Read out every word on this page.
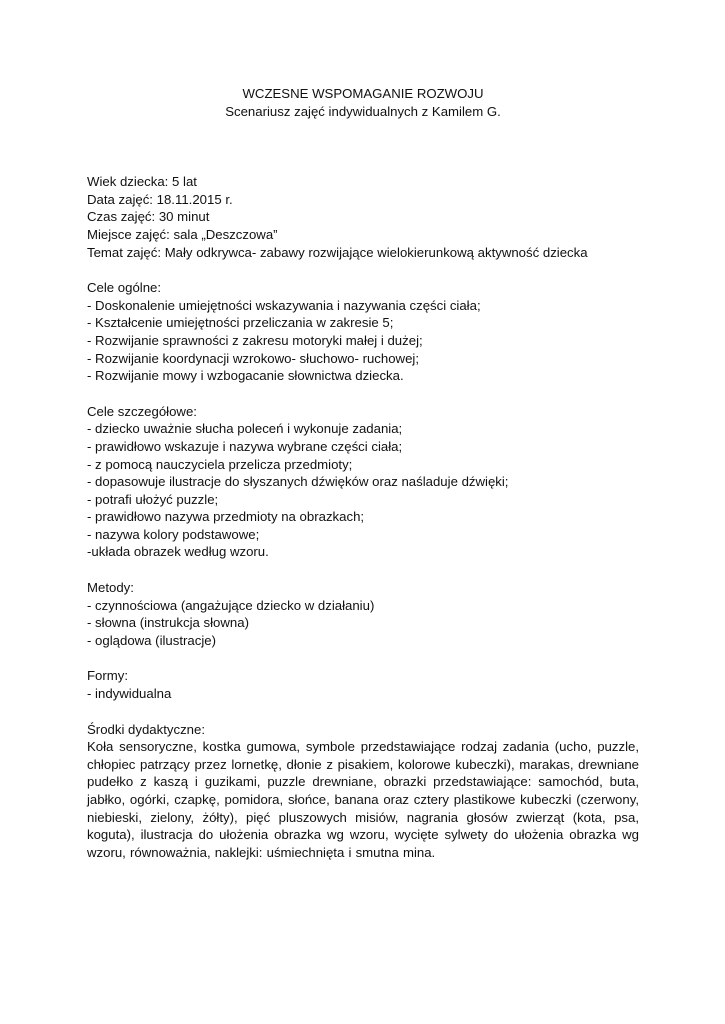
WCZESNE WSPOMAGANIE ROZWOJU

Scenariusz zajęć indywidualnych z Kamilem G.

Wiek dziecka: 5 lat

Data zajęć: 18.11.2015 r.

Czas zajęć: 30 minut

Miejsce zajęć: sala „Deszczowa”

Temat zajęć: Mały odkrywca- zabawy rozwijające wielokierunkową aktywność dziecka

Cele ogólne:

- Doskonalenie umiejętności wskazywania i nazywania części ciała;

- Kształcenie umiejętności przeliczania w zakresie 5;

- Rozwijanie sprawności z zakresu motoryki małej i dużej;

- Rozwijanie koordynacji wzrokowo- słuchowo- ruchowej;

- Rozwijanie mowy i wzbogacanie słownictwa dziecka.

Cele szczegółowe:

- dziecko uważnie słucha poleceń i wykonuje zadania;

- prawidłowo wskazuje i nazywa wybrane części ciała;

- z pomocą nauczyciela przelicza przedmioty;

- dopasowuje ilustracje do słyszanych dźwięków oraz naśladuje dźwięki;

- potrafi ułożyć puzzle;

- prawidłowo nazywa przedmioty na obrazkach;

- nazywa kolory podstawowe;

-układa obrazek według wzoru.

Metody:

- czynnościowa (angażujące dziecko w działaniu)

- słowna (instrukcja słowna)

- oglądowa (ilustracje)

Formy:

- indywidualna

Środki dydaktyczne:

Koła sensoryczne, kostka gumowa, symbole przedstawiające rodzaj zadania (ucho, puzzle, chłopiec patrzący przez lornetkę, dłonie z pisakiem, kolorowe kubeczki), marakas, drewniane pudełko z kaszą i guzikami, puzzle drewniane, obrazki przedstawiające: samochód, buta, jabłko, ogórki, czapkę, pomidora, słońce, banana oraz cztery plastikowe kubeczki (czerwony, niebieski, zielony, żółty), pięć pluszowych misiów, nagrania głosów zwierząt (kota, psa, koguta), ilustracja do ułożenia obrazka wg wzoru, wycięte sylwety do ułożenia obrazka wg wzoru, równoważnia, naklejki: uśmiechnięta i smutna mina.
